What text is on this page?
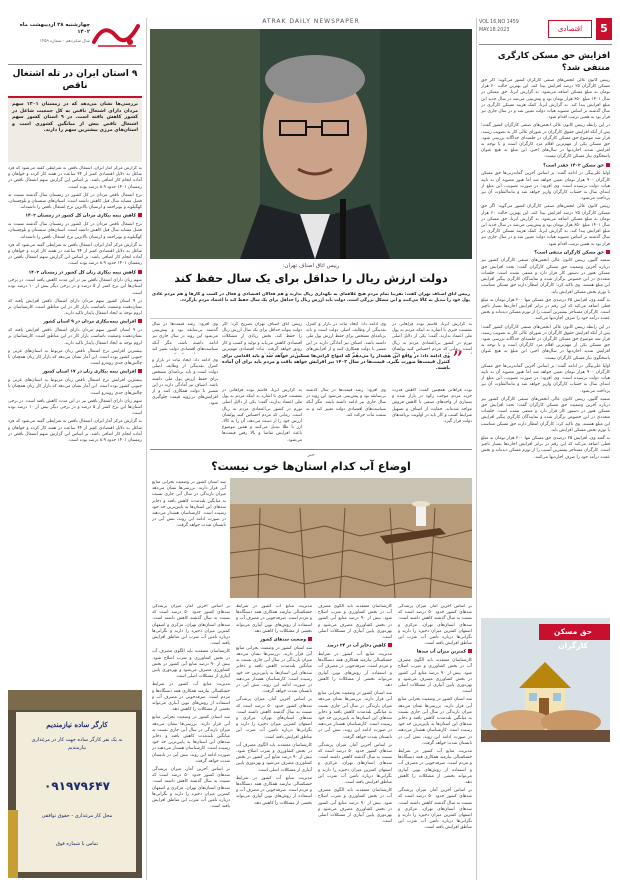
5
اقتصادی
VOL 16,NO 1459
MAY.18 2023
افزایش حق مسکن کارگری منتفی شد؟

رییس کانون عالی انجمن‌های صنفی کارگران کشور می‌گوید: اگر حق مسکن کارگران ۲۵ درصد افزایش پیدا کند، این بهترین حالت ۲۰ هزار تومان به مبلغ مسکن اضافه می‌شود. به گزارش ایرنا، حق مسکن در سال ۱۴۰۱ مبلغ ۶۵۰ هزار تومان بود و پیش‌بینی می‌شد در سال جدید این مبلغ افزایش پیدا کند. به گزارش ایرنا، کمک هزینه مسکن کارگری در سال گذشته بر اساس مصوبه هیات دولت تعیین شد و در سال جاری نیز قرار بود به همین ترتیب اقدام شود.

در این رابطه رییس کانون عالی انجمن‌های صنفی کارگران کشور گفت: پس از آنکه افزایش حقوق کارگران در شورای عالی کار به تصویب رسید، قرار شد موضوع حق مسکن کارگران در جلسه‌ای جداگانه بررسی شود. حق مسکن یکی از مهم‌ترین اقلام مزد کارگران است و با توجه به افزایش شدید اجاره‌بها در سال‌های اخیر، این مبلغ به هیچ عنوان پاسخگوی نیاز مسکن کارگران نیست.

حق مسکن ۱۴۰۲ چقدر است؟

اولیا علی‌بیگی در ادامه گفت: بر اساس آخرین گمانه‌زنی‌ها حق مسکن کارگران ۹۰۰ هزار تومان تعیین خواهد شد اما هنوز مصوبه آن به تایید هیات دولت نرسیده است. وی افزود: در صورت تصویب، این مبلغ از ابتدای سال به حساب کارگران واریز خواهد شد و مابه‌التفاوت آن نیز پرداخت می‌شود.

رییس کانون عالی انجمن‌های صنفی کارگران کشور می‌گوید: اگر حق مسکن کارگران ۲۵ درصد افزایش پیدا کند، این بهترین حالت ۲۰ هزار تومان به مبلغ مسکن اضافه می‌شود. به گزارش ایرنا، حق مسکن در سال ۱۴۰۱ مبلغ ۶۵۰ هزار تومان بود و پیش‌بینی می‌شد در سال جدید این مبلغ افزایش پیدا کند. به گزارش ایرنا، کمک هزینه مسکن کارگری در سال گذشته بر اساس مصوبه هیات دولت تعیین شد و در سال جاری نیز قرار بود به همین ترتیب اقدام شود.

حق مسکن کارگران منتفی است؟

سمیه گلپور، رییس کانون عالی انجمن‌های صنفی کارگران کشور نیز درباره آخرین وضعیت حق مسکن کارگران گفت: بحث افزایش حق مسکن هنوز در دستور کار قرار دارد و منتفی نشده است. جلسات متعددی در این خصوص برگزار شده و نمایندگان کارگری پیگیر افزایش این مبلغ هستند. وی تاکید کرد: کارگران انتظار دارند حق مسکن متناسب با تورم بخش مسکن افزایش یابد.

به گفته وی، افزایش ۲۵ درصدی حق مسکن تنها ۲۰۰ هزار تومان به مبلغ فعلی اضافه می‌کند که این رقم در برابر افزایش اجاره‌ها بسیار ناچیز است. کارگران مستاجر بیشترین آسیب را از تورم مسکن دیده‌اند و بخش عمده درآمد خود را صرف اجاره‌بها می‌کنند.

در این رابطه رییس کانون عالی انجمن‌های صنفی کارگران کشور گفت: پس از آنکه افزایش حقوق کارگران در شورای عالی کار به تصویب رسید، قرار شد موضوع حق مسکن کارگران در جلسه‌ای جداگانه بررسی شود. حق مسکن یکی از مهم‌ترین اقلام مزد کارگران است و با توجه به افزایش شدید اجاره‌بها در سال‌های اخیر، این مبلغ به هیچ عنوان پاسخگوی نیاز مسکن کارگران نیست.

اولیا علی‌بیگی در ادامه گفت: بر اساس آخرین گمانه‌زنی‌ها حق مسکن کارگران ۹۰۰ هزار تومان تعیین خواهد شد اما هنوز مصوبه آن به تایید هیات دولت نرسیده است. وی افزود: در صورت تصویب، این مبلغ از ابتدای سال به حساب کارگران واریز خواهد شد و مابه‌التفاوت آن نیز پرداخت می‌شود.

سمیه گلپور، رییس کانون عالی انجمن‌های صنفی کارگران کشور نیز درباره آخرین وضعیت حق مسکن کارگران گفت: بحث افزایش حق مسکن هنوز در دستور کار قرار دارد و منتفی نشده است. جلسات متعددی در این خصوص برگزار شده و نمایندگان کارگری پیگیر افزایش این مبلغ هستند. وی تاکید کرد: کارگران انتظار دارند حق مسکن متناسب با تورم بخش مسکن افزایش یابد.

به گفته وی، افزایش ۲۵ درصدی حق مسکن تنها ۲۰۰ هزار تومان به مبلغ فعلی اضافه می‌کند که این رقم در برابر افزایش اجاره‌ها بسیار ناچیز است. کارگران مستاجر بیشترین آسیب را از تورم مسکن دیده‌اند و بخش عمده درآمد خود را صرف اجاره‌بها می‌کنند.

حق مسکن کارگران
ATRAK DAILY NEWSPAPER
رییس اتاق اصناف تهران:
دولت ارزش ریال را حداقل برای یک سال حفظ کند
رییس اتاق اصناف تهران گفت: تقریبا تمام مردم هیچ علاقه‌ای به نگهداری ریال ندارند و هم فعالان اقتصادی و فعال در کسب و کارها و هم مردم عادی پول خود را تبدیل به کالا می‌کنند و این مشکل بزرگی است. دولت باید ارزش ریال را حداقل برای یک سال حفظ کند تا اعتماد مردم بازگردد.
به گزارش ایرنا، قاسم نوده فراهانی در نشست خبری با اشاره به اینکه مردم به پول ملی اعتماد ندارند، گفت: یکی از دلایل اصلی تورم در کشور بی‌اعتمادی مردم به ریال است. زمانی که مردم احساس کنند پولشان
وی ادامه داد: ایجاد ثبات در بازار و کنترل نقدینگی از وظایف اصلی دولت است و باید برنامه‌ای مشخص برای حفظ ارزش پول ملی داشته باشد. اصناف نیز آمادگی دارند در این مسیر با دولت همکاری کنند و از افزایش‌های
رییس اتاق اصناف تهران تصریح کرد: اگر دولت بتواند حداقل برای یک سال ارزش ریال را حفظ کند، بخش زیادی از مشکلات اقتصادی کاهش می‌یابد و تولید و کسب و کار رونق خواهد گرفت. ثبات اقتصادی مهم‌ترین
وی افزود: رشد قیمت‌ها در سال گذشته بی‌سابقه بود و پیش‌بینی می‌شود این روند در سال جاری نیز ادامه داشته باشد، مگر آنکه سیاست‌های اقتصادی دولت تغییر کند	”
وی ادامه داد: در واقع این هشدار را می‌دهم که امواج گرانی‌ها سنگین‌تر خواهد شد و باید اقدامی برای کنترل قیمت‌ها صورت بگیرد. قیمت‌ها در سال ۱۴۰۲ نیز افزایش خواهد یافت و مردم باید برای آن آماده باشند.
نوده فراهانی همچنین گفت: کاهش قدرت خرید مردم موجب رکود در بازار شده و بسیاری از واحدهای صنفی با کاهش فروش مواجه شده‌اند. حمایت از اصناف و تسهیل شرایط کسب و کار باید در اولویت برنامه‌های دولت قرار گیرد.
وی افزود: رشد قیمت‌ها در سال گذشته بی‌سابقه بود و پیش‌بینی می‌شود این روند در سال جاری نیز ادامه داشته باشد، مگر آنکه سیاست‌های اقتصادی دولت تغییر کند و به سمت ثبات حرکت کند.
به گزارش ایرنا، قاسم نوده فراهانی در نشست خبری با اشاره به اینکه مردم به پول ملی اعتماد ندارند، گفت: یکی از دلایل اصلی تورم در کشور بی‌اعتمادی مردم به ریال است. زمانی که مردم احساس کنند پولشان ارزش خود را از دست می‌دهد، آن را به کالا، ارز یا طلا تبدیل می‌کنند و همین موضوع باعث افزایش تقاضا و بالا رفتن قیمت‌ها می‌شود.
وی ادامه داد: ایجاد ثبات در بازار و کنترل نقدینگی از وظایف اصلی دولت است و باید برنامه‌ای مشخص برای حفظ ارزش پول ملی داشته باشد. اصناف نیز آمادگی دارند در این مسیر با دولت همکاری کنند و از افزایش‌های بی‌رویه قیمت جلوگیری شود.
خبر
اوضاع آب کدام استان‌ها خوب نیست؟
سه استان کشور در وضعیت بحرانی منابع آبی قرار دارند. بررسی‌ها نشان می‌دهد میزان بارندگی در سال آبی جاری نسبت به میانگین بلندمدت کاهش یافته و ذخایر سدهای این استان‌ها به پایین‌ترین حد خود رسیده است. کارشناسان هشدار می‌دهند در صورت ادامه این روند، تنش آبی در تابستان شدت خواهد گرفت.

بر اساس آخرین آمار، میزان پرشدگی سدهای کشور حدود ۵۰ درصد است که نسبت به سال گذشته کاهش داشته است. سدهای استان‌های تهران، مرکزی و اصفهان کمترین میزان ذخیره را دارند و نگرانی‌ها درباره تامین آب شرب این مناطق افزایش یافته است.

کمترین میزان آب سدها

کارشناسان معتقدند باید الگوی مصرف آب در بخش کشاورزی و شرب اصلاح شود. بیش از ۹۰ درصد منابع آبی کشور در بخش کشاورزی مصرف می‌شود و بهره‌وری پایین آبیاری از مشکلات اصلی است.

سه استان کشور در وضعیت بحرانی منابع آبی قرار دارند. بررسی‌ها نشان می‌دهد میزان بارندگی در سال آبی جاری نسبت به میانگین بلندمدت کاهش یافته و ذخایر سدهای این استان‌ها به پایین‌ترین حد خود رسیده است. کارشناسان هشدار می‌دهند در صورت ادامه این روند، تنش آبی در تابستان شدت خواهد گرفت.

مدیریت منابع آب کشور در شرایط خشکسالی نیازمند همکاری همه دستگاه‌ها و مردم است. صرفه‌جویی در مصرف آب و استفاده از روش‌های نوین آبیاری می‌تواند بخشی از مشکلات را کاهش دهد.

بر اساس آخرین آمار، میزان پرشدگی سدهای کشور حدود ۵۰ درصد است که نسبت به سال گذشته کاهش داشته است. سدهای استان‌های تهران، مرکزی و اصفهان کمترین میزان ذخیره را دارند و نگرانی‌ها درباره تامین آب شرب این مناطق افزایش یافته است.

کارشناسان معتقدند باید الگوی مصرف آب در بخش کشاورزی و شرب اصلاح شود. بیش از ۹۰ درصد منابع آبی کشور در بخش کشاورزی مصرف می‌شود و بهره‌وری پایین آبیاری از مشکلات اصلی است.

کاهش ذخایر آب در ۲۴ درصد

مدیریت منابع آب کشور در شرایط خشکسالی نیازمند همکاری همه دستگاه‌ها و مردم است. صرفه‌جویی در مصرف آب و استفاده از روش‌های نوین آبیاری می‌تواند بخشی از مشکلات را کاهش دهد.

سه استان کشور در وضعیت بحرانی منابع آبی قرار دارند. بررسی‌ها نشان می‌دهد میزان بارندگی در سال آبی جاری نسبت به میانگین بلندمدت کاهش یافته و ذخایر سدهای این استان‌ها به پایین‌ترین حد خود رسیده است. کارشناسان هشدار می‌دهند در صورت ادامه این روند، تنش آبی در تابستان شدت خواهد گرفت.

بر اساس آخرین آمار، میزان پرشدگی سدهای کشور حدود ۵۰ درصد است که نسبت به سال گذشته کاهش داشته است. سدهای استان‌های تهران، مرکزی و اصفهان کمترین میزان ذخیره را دارند و نگرانی‌ها درباره تامین آب شرب این مناطق افزایش یافته است.

کارشناسان معتقدند باید الگوی مصرف آب در بخش کشاورزی و شرب اصلاح شود. بیش از ۹۰ درصد منابع آبی کشور در بخش کشاورزی مصرف می‌شود و بهره‌وری پایین آبیاری از مشکلات اصلی است.

مدیریت منابع آب کشور در شرایط خشکسالی نیازمند همکاری همه دستگاه‌ها و مردم است. صرفه‌جویی در مصرف آب و استفاده از روش‌های نوین آبیاری می‌تواند بخشی از مشکلات را کاهش دهد.

وضعیت سدهای کشور

سه استان کشور در وضعیت بحرانی منابع آبی قرار دارند. بررسی‌ها نشان می‌دهد میزان بارندگی در سال آبی جاری نسبت به میانگین بلندمدت کاهش یافته و ذخایر سدهای این استان‌ها به پایین‌ترین حد خود رسیده است. کارشناسان هشدار می‌دهند در صورت ادامه این روند، تنش آبی در تابستان شدت خواهد گرفت.

بر اساس آخرین آمار، میزان پرشدگی سدهای کشور حدود ۵۰ درصد است که نسبت به سال گذشته کاهش داشته است. سدهای استان‌های تهران، مرکزی و اصفهان کمترین میزان ذخیره را دارند و نگرانی‌ها درباره تامین آب شرب این مناطق افزایش یافته است.

کارشناسان معتقدند باید الگوی مصرف آب در بخش کشاورزی و شرب اصلاح شود. بیش از ۹۰ درصد منابع آبی کشور در بخش کشاورزی مصرف می‌شود و بهره‌وری پایین آبیاری از مشکلات اصلی است.

مدیریت منابع آب کشور در شرایط خشکسالی نیازمند همکاری همه دستگاه‌ها و مردم است. صرفه‌جویی در مصرف آب و استفاده از روش‌های نوین آبیاری می‌تواند بخشی از مشکلات را کاهش دهد.

بر اساس آخرین آمار، میزان پرشدگی سدهای کشور حدود ۵۰ درصد است که نسبت به سال گذشته کاهش داشته است. سدهای استان‌های تهران، مرکزی و اصفهان کمترین میزان ذخیره را دارند و نگرانی‌ها درباره تامین آب شرب این مناطق افزایش یافته است.

کارشناسان معتقدند باید الگوی مصرف آب در بخش کشاورزی و شرب اصلاح شود. بیش از ۹۰ درصد منابع آبی کشور در بخش کشاورزی مصرف می‌شود و بهره‌وری پایین آبیاری از مشکلات اصلی است.

مدیریت منابع آب کشور در شرایط خشکسالی نیازمند همکاری همه دستگاه‌ها و مردم است. صرفه‌جویی در مصرف آب و استفاده از روش‌های نوین آبیاری می‌تواند بخشی از مشکلات را کاهش دهد.

سه استان کشور در وضعیت بحرانی منابع آبی قرار دارند. بررسی‌ها نشان می‌دهد میزان بارندگی در سال آبی جاری نسبت به میانگین بلندمدت کاهش یافته و ذخایر سدهای این استان‌ها به پایین‌ترین حد خود رسیده است. کارشناسان هشدار می‌دهند در صورت ادامه این روند، تنش آبی در تابستان شدت خواهد گرفت.

بر اساس آخرین آمار، میزان پرشدگی سدهای کشور حدود ۵۰ درصد است که نسبت به سال گذشته کاهش داشته است. سدهای استان‌های تهران، مرکزی و اصفهان کمترین میزان ذخیره را دارند و نگرانی‌ها درباره تامین آب شرب این مناطق افزایش یافته است.

چهارشنبه ۲۸ اردیبهشت ماه ۱۴۰۲
سال شانزدهم - شماره ۱۴۵۹
۹ استان ایران در تله اشتغال ناقص
بررسی‌ها نشان می‌دهد که در زمستان ۱۴۰۱ سهم مردان دارای اشتغال ناقص به کل جمعیت شاغل در کشور کاهش یافته است. در ۹ استان کشور سهم اشتغال ناقص بیش از میانگین کشوری است و استان‌های مرزی بیشترین سهم را دارند.

به گزارش مرکز آمار ایران، اشتغال ناقص به شرایطی گفته می‌شود که فرد شاغل به دلایل اقتصادی کمتر از ۴۴ ساعت در هفته کار کرده و خواهان و آماده انجام کار اضافی باشد. بر اساس این گزارش سهم اشتغال ناقص در زمستان ۱۴۰۱ حدود ۸.۹ درصد بوده است.

نرخ اشتغال ناقص مردان در کل کشور در زمستان سال گذشته نسبت به فصل مشابه سال قبل کاهش داشته است. استان‌های سیستان و بلوچستان، کهگیلویه و بویراحمد و لرستان بالاترین نرخ اشتغال ناقص را داشته‌اند.

کاهش نیمه بیکاری مردان کل کشور در زمستان ۱۴۰۲

نرخ اشتغال ناقص مردان در کل کشور در زمستان سال گذشته نسبت به فصل مشابه سال قبل کاهش داشته است. استان‌های سیستان و بلوچستان، کهگیلویه و بویراحمد و لرستان بالاترین نرخ اشتغال ناقص را داشته‌اند.

به گزارش مرکز آمار ایران، اشتغال ناقص به شرایطی گفته می‌شود که فرد شاغل به دلایل اقتصادی کمتر از ۴۴ ساعت در هفته کار کرده و خواهان و آماده انجام کار اضافی باشد. بر اساس این گزارش سهم اشتغال ناقص در زمستان ۱۴۰۱ حدود ۸.۹ درصد بوده است.

کاهش نیمه بیکاری زنان کل کشور در زمستان ۱۴۰۲

سهم زنان دارای اشتغال ناقص نیز در این مدت کاهش یافته است. در برخی استان‌ها این نرخ کمتر از ۵ درصد و در برخی دیگر بیش از ۱۰ درصد بوده است.

در ۹ استان کشور سهم مردان دارای اشتغال ناقص افزایش یافته که نشان‌دهنده وضعیت نامناسب بازار کار در این مناطق است. کارشناسان بر لزوم توجه به ایجاد اشتغال پایدار تاکید دارند.

افزایش نیمه‌بیکاری مردان در ۹ استان کشور

در ۹ استان کشور سهم مردان دارای اشتغال ناقص افزایش یافته که نشان‌دهنده وضعیت نامناسب بازار کار در این مناطق است. کارشناسان بر لزوم توجه به ایجاد اشتغال پایدار تاکید دارند.

بیشترین افزایش نرخ اشتغال ناقص زنان مربوط به استان‌های غربی و جنوبی کشور بوده است. این آمار نشان می‌دهد که بازار کار زنان همچنان با چالش‌های جدی روبه‌رو است.

افزایش نیمه بیکاری زنان در ۱۷ استان کشور

بیشترین افزایش نرخ اشتغال ناقص زنان مربوط به استان‌های غربی و جنوبی کشور بوده است. این آمار نشان می‌دهد که بازار کار زنان همچنان با چالش‌های جدی روبه‌رو است.

سهم زنان دارای اشتغال ناقص نیز در این مدت کاهش یافته است. در برخی استان‌ها این نرخ کمتر از ۵ درصد و در برخی دیگر بیش از ۱۰ درصد بوده است.

به گزارش مرکز آمار ایران، اشتغال ناقص به شرایطی گفته می‌شود که فرد شاغل به دلایل اقتصادی کمتر از ۴۴ ساعت در هفته کار کرده و خواهان و آماده انجام کار اضافی باشد. بر اساس این گزارش سهم اشتغال ناقص در زمستان ۱۴۰۱ حدود ۸.۹ درصد بوده است.

کارگر ساده نیازمندیم
به یک نفر کارگر ساده جهت کار در مرغداری نیازمندیم
۰۹۱۹۷۹۶۴۷
محل کار مرغداری - حقوق توافقی
تماس با شماره فوق
